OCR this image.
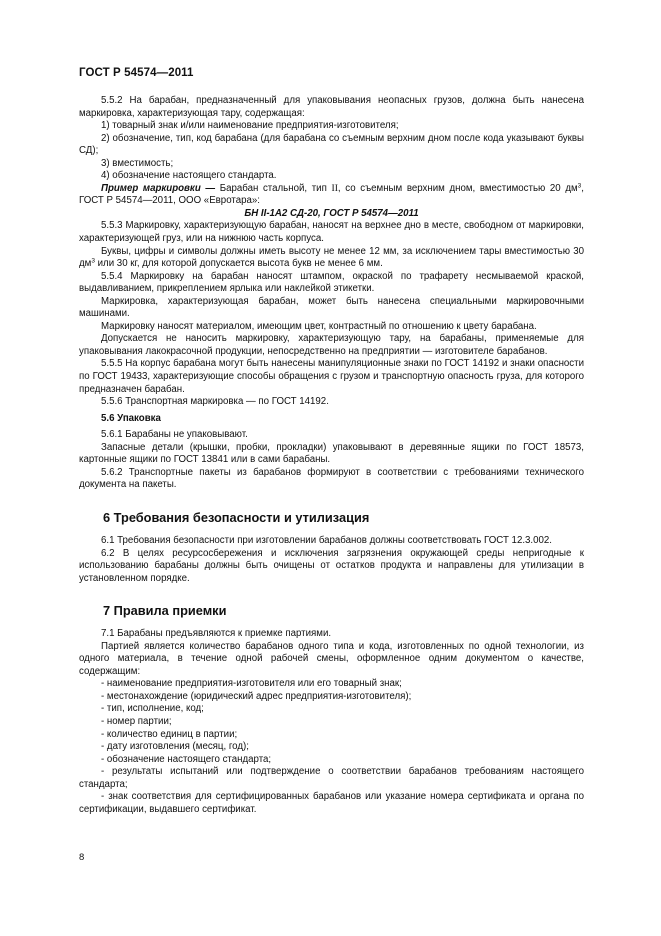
ГОСТ Р 54574—2011

5.5.2 На барабан, предназначенный для упаковывания неопасных грузов, должна быть нанесена маркировка, характеризующая тару, содержащая:

1) товарный знак и/или наименование предприятия-изготовителя;

2) обозначение, тип, код барабана (для барабана со съемным верхним дном после кода указывают буквы СД);

3) вместимость;

4) обозначение настоящего стандарта.

Пример маркировки — Барабан стальной, тип II, со съемным верхним дном, вместимостью 20 $дм^3$, ГОСТ Р 54574—2011, ООО «Евротара»:

БН II-1А2 СД-20, ГОСТ Р 54574—2011

5.5.3 Маркировку, характеризующую барабан, наносят на верхнее дно в месте, свободном от маркировки, характеризующей груз, или на нижнюю часть корпуса.

Буквы, цифры и символы должны иметь высоту не менее 12 мм, за исключением тары вместимостью 30 $дм^3$ или 30 кг, для которой допускается высота букв не менее 6 мм.

5.5.4 Маркировку на барабан наносят штампом, окраской по трафарету несмываемой краской, выдавливанием, прикреплением ярлыка или наклейкой этикетки.

Маркировка, характеризующая барабан, может быть нанесена специальными маркировочными машинами.

Маркировку наносят материалом, имеющим цвет, контрастный по отношению к цвету барабана.

Допускается не наносить маркировку, характеризующую тару, на барабаны, применяемые для упаковывания лакокрасочной продукции, непосредственно на предприятии — изготовителе барабанов.

5.5.5 На корпус барабана могут быть нанесены манипуляционные знаки по ГОСТ 14192 и знаки опасности по ГОСТ 19433, характеризующие способы обращения с грузом и транспортную опасность груза, для которого предназначен барабан.

5.5.6 Транспортная маркировка — по ГОСТ 14192.

5.6 Упаковка

5.6.1 Барабаны не упаковывают.

Запасные детали (крышки, пробки, прокладки) упаковывают в деревянные ящики по ГОСТ 18573, картонные ящики по ГОСТ 13841 или в сами барабаны.

5.6.2 Транспортные пакеты из барабанов формируют в соответствии с требованиями технического документа на пакеты.

6 Требования безопасности и утилизация

6.1 Требования безопасности при изготовлении барабанов должны соответствовать ГОСТ 12.3.002.

6.2 В целях ресурсосбережения и исключения загрязнения окружающей среды непригодные к использованию барабаны должны быть очищены от остатков продукта и направлены для утилизации в установленном порядке.

7 Правила приемки

7.1 Барабаны предъявляются к приемке партиями.

Партией является количество барабанов одного типа и кода, изготовленных по одной технологии, из одного материала, в течение одной рабочей смены, оформленное одним документом о качестве, содержащим:

- наименование предприятия-изготовителя или его товарный знак;

- местонахождение (юридический адрес предприятия-изготовителя);

- тип, исполнение, код;

- номер партии;

- количество единиц в партии;

- дату изготовления (месяц, год);

- обозначение настоящего стандарта;

- результаты испытаний или подтверждение о соответствии барабанов требованиям настоящего стандарта;

- знак соответствия для сертифицированных барабанов или указание номера сертификата и органа по сертификации, выдавшего сертификат.

8
